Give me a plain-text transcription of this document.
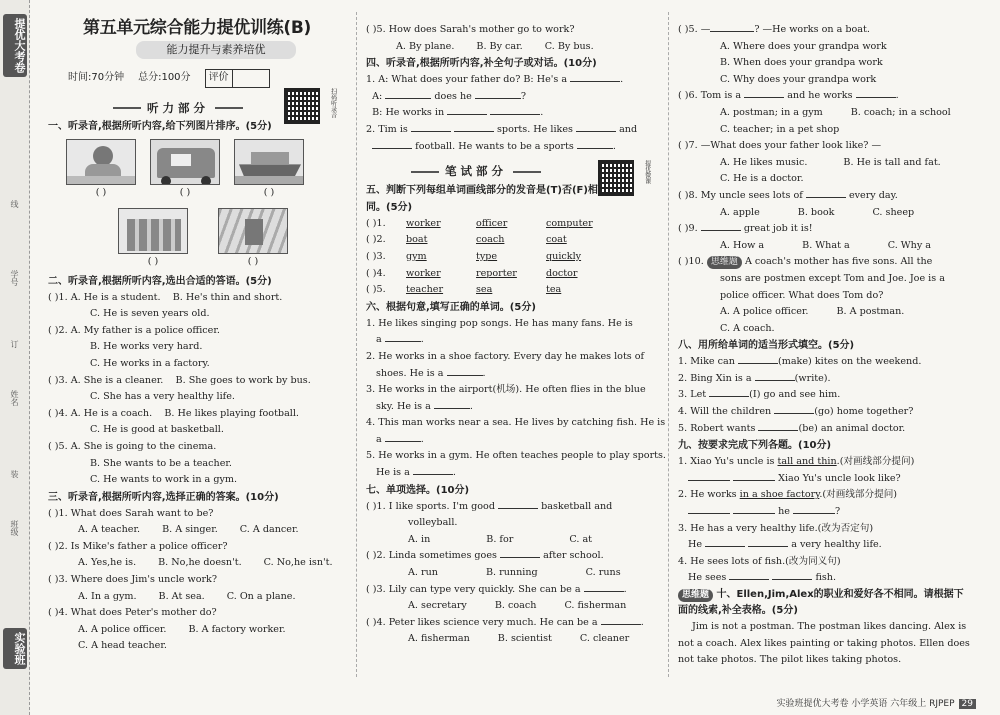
提优大考卷
线
学号
订
姓名
装
班级
实验班
第五单元综合能力提优训练(B)
能力提升与素养培优
时间:70分钟 总分:100分 评价
扫码听录音
听力部分
一、听录音,根据所听内容,给下列图片排序。(5分)
( )	( )	( )
( )	( )
二、听录音,根据所听内容,选出合适的答语。(5分)
( )1. A. He is a student. B. He's thin and short.
C. He is seven years old.
( )2. A. My father is a police officer.
B. He works very hard.
C. He works in a factory.
( )3. A. She is a cleaner. B. She goes to work by bus.
C. She has a very healthy life.
( )4. A. He is a coach. B. He likes playing football.
C. He is good at basketball.
( )5. A. She is going to the cinema.
B. She wants to be a teacher.
C. He wants to work in a gym.
三、听录音,根据所听内容,选择正确的答案。(10分)
( )1. What does Sarah want to be?
A. A teacher. B. A singer. C. A dancer.
( )2. Is Mike's father a police officer?
A. Yes,he is. B. No,he doesn't. C. No,he isn't.
( )3. Where does Jim's uncle work?
A. In a gym. B. At sea. C. On a plane.
( )4. What does Peter's mother do?
A. A police officer. B. A factory worker.
C. A head teacher.
( )5. How does Sarah's mother go to work?
A. By plane. B. By car. C. By bus.
四、听录音,根据所听内容,补全句子或对话。(10分)
1. A: What does your father do? B: He's a	.
A:	does he	?
B: He works in	.
2. Tim is	sports. He likes	and
football. He wants to be a sports	.
提优微课
笔试部分
五、判断下列每组单词画线部分的发音是(T)否(F)相同。(5分)
( )1. worker	officer	computer
( )2. boat	coach	coat
( )3. gym	type	quickly
( )4. worker	reporter	doctor
( )5. teacher	sea	tea
六、根据句意,填写正确的单词。(5分)
1. He likes singing pop songs. He has many fans. He is
a	.
2. He works in a shoe factory. Every day he makes lots of
shoes. He is a	.
3. He works in the airport(机场). He often flies in the blue
sky. He is a	.
4. This man works near a sea. He lives by catching fish. He is
a	.
5. He works in a gym. He often teaches people to play sports.
He is a	.
七、单项选择。(10分)
( )1. I like sports. I'm good	basketball and
volleyball.
A. in	B. for	C. at
( )2. Linda sometimes goes	after school.
A. run	B. running	C. runs
( )3. Lily can type very quickly. She can be a	.
A. secretary	B. coach	C. fisherman
( )4. Peter likes science very much. He can be a	.
A. fisherman	B. scientist	C. cleaner
( )5. —	? —He works on a boat.
A. Where does your grandpa work
B. When does your grandpa work
C. Why does your grandpa work
( )6. Tom is a	and he works	.
A. postman; in a gym	B. coach; in a school
C. teacher; in a pet shop
( )7. —What does your father look like? —
A. He likes music.	B. He is tall and fat.
C. He is a doctor.
( )8. My uncle sees lots of	every day.
A. apple	B. book	C. sheep
( )9.	great job it is!
A. How a	B. What a	C. Why a
( )10. 思维题 A coach's mother has five sons. All the
sons are postmen except Tom and Joe. Joe is a
police officer. What does Tom do?
A. A police officer.	B. A postman.
C. A coach.
八、用所给单词的适当形式填空。(5分)
1. Mike can	(make) kites on the weekend.
2. Bing Xin is a	(write).
3. Let	(I) go and see him.
4. Will the children	(go) home together?
5. Robert wants	(be) an animal doctor.
九、按要求完成下列各题。(10分)
1. Xiao Yu's uncle is tall and thin.(对画线部分提问)
Xiao Yu's uncle look like?
2. He works in a shoe factory.(对画线部分提问)
he	?
3. He has a very healthy life.(改为否定句)
He	a very healthy life.
4. He sees lots of fish.(改为同义句)
He sees	fish.
思维题 十、Ellen,Jim,Alex的职业和爱好各不相同。请根据下面的线索,补全表格。(5分)
Jim is not a postman. The postman likes dancing. Alex is
not a coach. Alex likes painting or taking photos. Ellen does
not take photos. The pilot likes taking photos.
实验班提优大考卷 小学英语 六年级上 RJPEP 29
